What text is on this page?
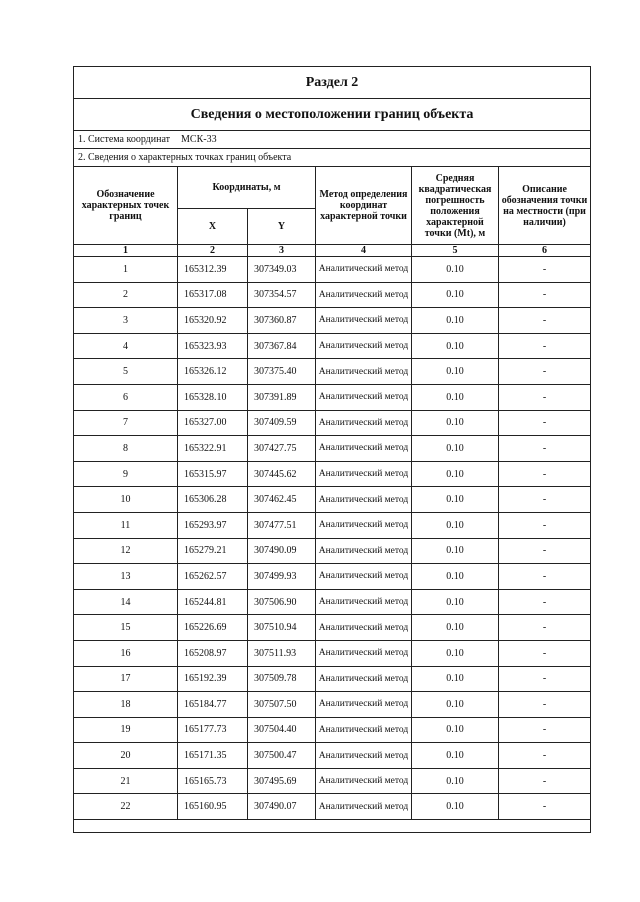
Раздел 2					
Сведения о местоположении границ объекта					
1. Система координат МСК-33					
2. Сведения о характерных точках границ объекта					
Обозначение характерных точек границ	Координаты, м		Метод определения координат характерной точки	Средняя квадратическая погрешность положения характерной точки (Mt), м	Описание обозначения точки на местности (при наличии)
	X	Y			
1	2	3	4	5	6
1	165312.39	307349.03	Аналитический метод	0.10	-
2	165317.08	307354.57	Аналитический метод	0.10	-
3	165320.92	307360.87	Аналитический метод	0.10	-
4	165323.93	307367.84	Аналитический метод	0.10	-
5	165326.12	307375.40	Аналитический метод	0.10	-
6	165328.10	307391.89	Аналитический метод	0.10	-
7	165327.00	307409.59	Аналитический метод	0.10	-
8	165322.91	307427.75	Аналитический метод	0.10	-
9	165315.97	307445.62	Аналитический метод	0.10	-
10	165306.28	307462.45	Аналитический метод	0.10	-
11	165293.97	307477.51	Аналитический метод	0.10	-
12	165279.21	307490.09	Аналитический метод	0.10	-
13	165262.57	307499.93	Аналитический метод	0.10	-
14	165244.81	307506.90	Аналитический метод	0.10	-
15	165226.69	307510.94	Аналитический метод	0.10	-
16	165208.97	307511.93	Аналитический метод	0.10	-
17	165192.39	307509.78	Аналитический метод	0.10	-
18	165184.77	307507.50	Аналитический метод	0.10	-
19	165177.73	307504.40	Аналитический метод	0.10	-
20	165171.35	307500.47	Аналитический метод	0.10	-
21	165165.73	307495.69	Аналитический метод	0.10	-
22	165160.95	307490.07	Аналитический метод	0.10	-
